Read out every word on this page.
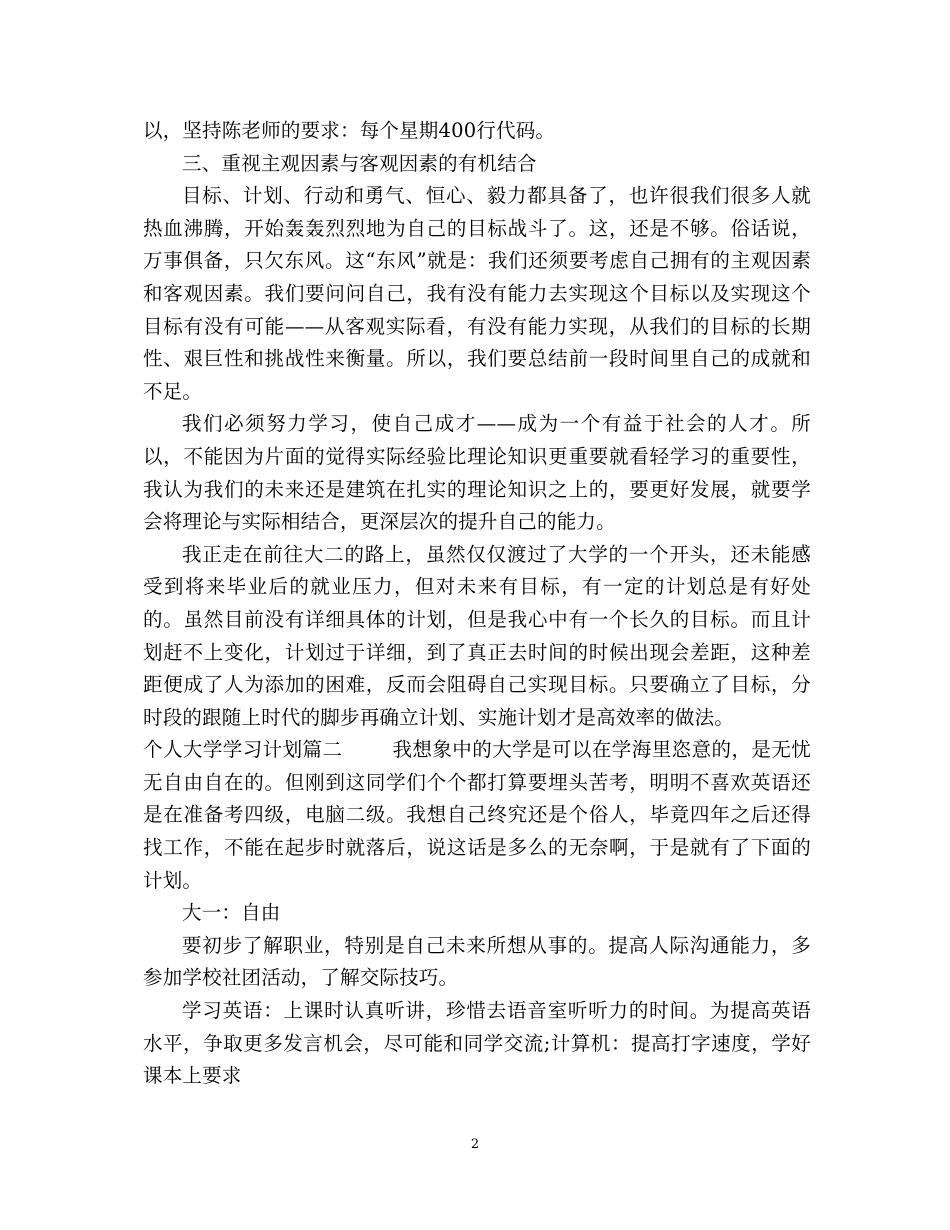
以，坚持陈老师的要求：每个星期400行代码。

三、重视主观因素与客观因素的有机结合

目标、计划、行动和勇气、恒心、毅力都具备了，也许很我们很多人就热血沸腾，开始轰轰烈烈地为自己的目标战斗了。这，还是不够。俗话说，万事俱备，只欠东风。这“东风”就是：我们还须要考虑自己拥有的主观因素和客观因素。我们要问问自己，我有没有能力去实现这个目标以及实现这个目标有没有可能——从客观实际看，有没有能力实现，从我们的目标的长期性、艰巨性和挑战性来衡量。所以，我们要总结前一段时间里自己的成就和不足。

我们必须努力学习，使自己成才——成为一个有益于社会的人才。所以，不能因为片面的觉得实际经验比理论知识更重要就看轻学习的重要性，我认为我们的未来还是建筑在扎实的理论知识之上的，要更好发展，就要学会将理论与实际相结合，更深层次的提升自己的能力。

我正走在前往大二的路上，虽然仅仅渡过了大学的一个开头，还未能感受到将来毕业后的就业压力，但对未来有目标，有一定的计划总是有好处的。虽然目前没有详细具体的计划，但是我心中有一个长久的目标。而且计划赶不上变化，计划过于详细，到了真正去时间的时候出现会差距，这种差距便成了人为添加的困难，反而会阻碍自己实现目标。只要确立了目标，分时段的跟随上时代的脚步再确立计划、实施计划才是高效率的做法。

个人大学学习计划篇二	我想象中的大学是可以在学海里恣意的，是无忧无自由自在的。但刚到这同学们个个都打算要埋头苦考，明明不喜欢英语还是在准备考四级，电脑二级。我想自己终究还是个俗人，毕竟四年之后还得找工作，不能在起步时就落后，说这话是多么的无奈啊，于是就有了下面的计划。

大一：自由

要初步了解职业，特别是自己未来所想从事的。提高人际沟通能力，多参加学校社团活动，了解交际技巧。

学习英语：上课时认真听讲，珍惜去语音室听听力的时间。为提高英语水平，争取更多发言机会，尽可能和同学交流;计算机：提高打字速度，学好课本上要求

2
